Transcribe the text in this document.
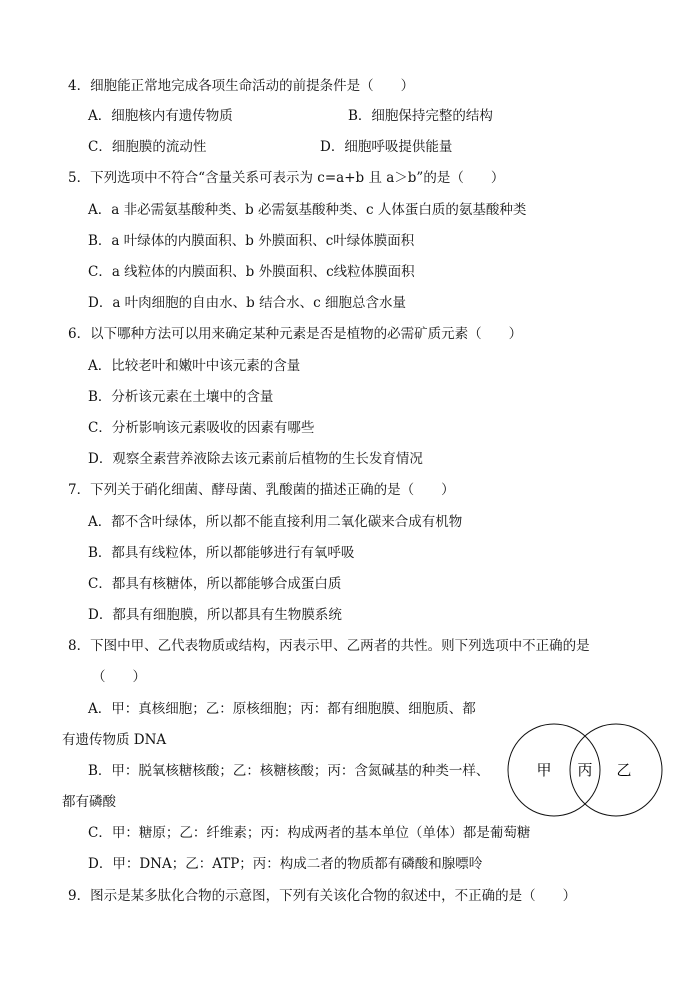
4．细胞能正常地完成各项生命活动的前提条件是（　　）
A．细胞核内有遗传物质	B．细胞保持完整的结构
C．细胞膜的流动性	D．细胞呼吸提供能量
5．下列选项中不符合“含量关系可表示为 c=a+b 且 a＞b”的是（　　）
A．a 非必需氨基酸种类、b 必需氨基酸种类、c 人体蛋白质的氨基酸种类
B．a 叶绿体的内膜面积、b 外膜面积、c叶绿体膜面积
C．a 线粒体的内膜面积、b 外膜面积、c线粒体膜面积
D．a 叶肉细胞的自由水、b 结合水、c 细胞总含水量
6．以下哪种方法可以用来确定某种元素是否是植物的必需矿质元素（　　）
A．比较老叶和嫩叶中该元素的含量
B．分析该元素在土壤中的含量
C．分析影响该元素吸收的因素有哪些
D．观察全素营养液除去该元素前后植物的生长发育情况
7．下列关于硝化细菌、酵母菌、乳酸菌的描述正确的是（　　）
A．都不含叶绿体，所以都不能直接利用二氧化碳来合成有机物
B．都具有线粒体，所以都能够进行有氧呼吸
C．都具有核糖体，所以都能够合成蛋白质
D．都具有细胞膜，所以都具有生物膜系统
8．下图中甲、乙代表物质或结构，丙表示甲、乙两者的共性。则下列选项中不正确的是
（　　）
A．甲：真核细胞；乙：原核细胞；丙：都有细胞膜、细胞质、都
有遗传物质 DNA
B．甲：脱氧核糖核酸；乙：核糖核酸；丙：含氮碱基的种类一样、
都有磷酸
C．甲：糖原；乙：纤维素；丙：构成两者的基本单位（单体）都是葡萄糖
D．甲：DNA；乙：ATP；丙：构成二者的物质都有磷酸和腺嘌呤
甲 丙 乙
9．图示是某多肽化合物的示意图，下列有关该化合物的叙述中，不正确的是（　　）
